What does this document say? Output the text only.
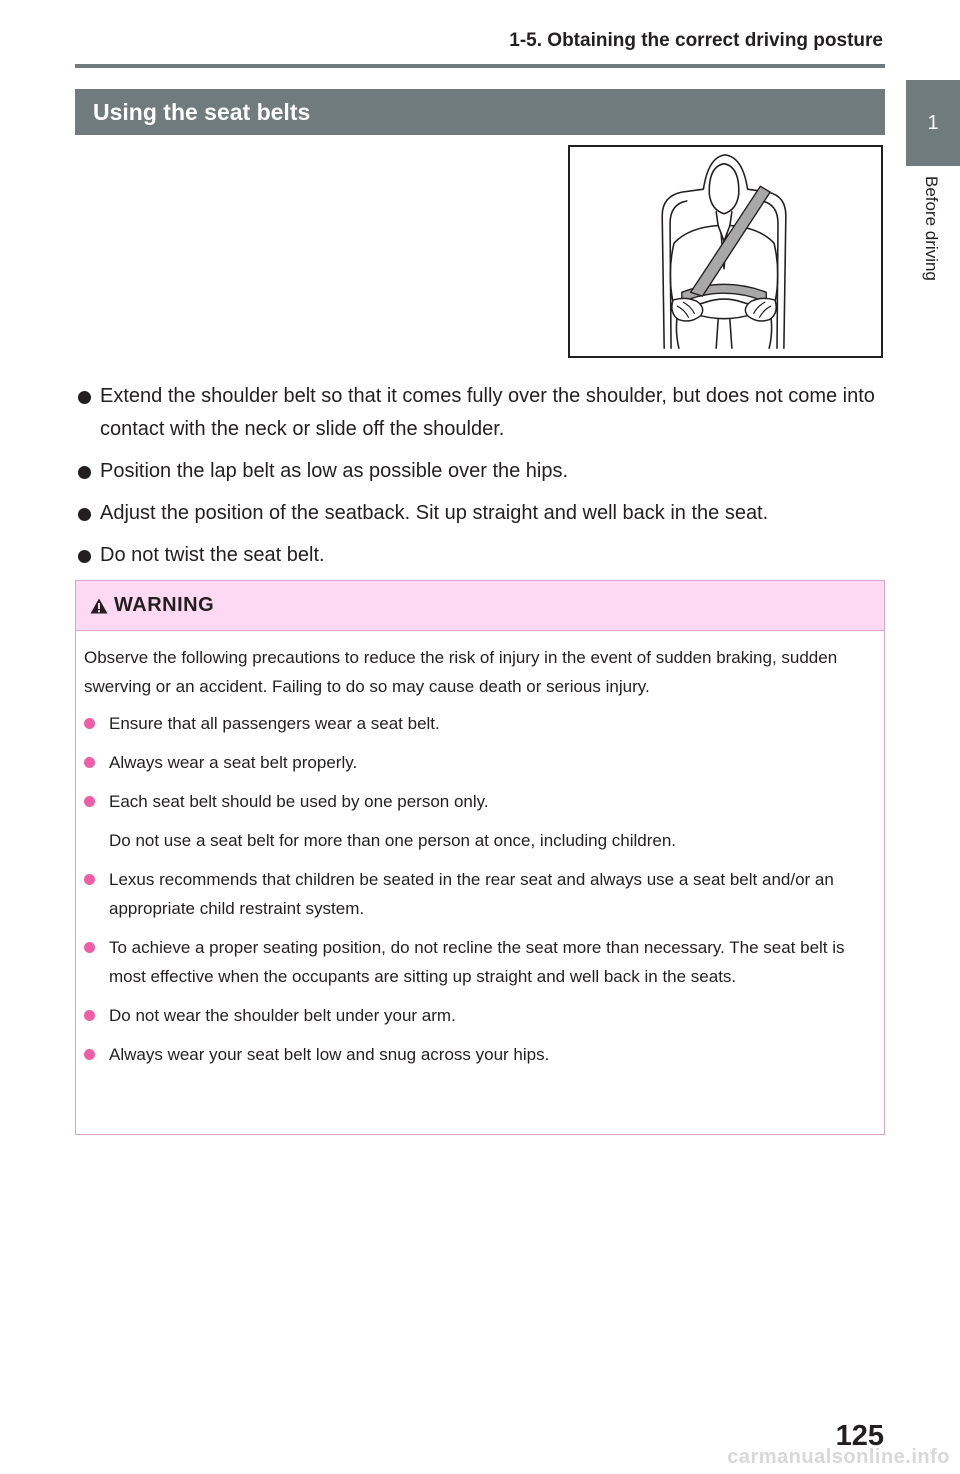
1-5. Obtaining the correct driving posture
1
Before driving
Using the seat belts
Extend the shoulder belt so that it comes fully over the shoulder, but does not come into contact with the neck or slide off the shoulder.
Position the lap belt as low as possible over the hips.
Adjust the position of the seatback. Sit up straight and well back in the seat.
Do not twist the seat belt.
WARNING

Observe the following precautions to reduce the risk of injury in the event of sudden braking, sudden swerving or an accident. Failing to do so may cause death or serious injury.

Ensure that all passengers wear a seat belt.
Always wear a seat belt properly.
Each seat belt should be used by one person only.
Do not use a seat belt for more than one person at once, including children.
Lexus recommends that children be seated in the rear seat and always use a seat belt and/or an appropriate child restraint system.
To achieve a proper seating position, do not recline the seat more than necessary. The seat belt is most effective when the occupants are sitting up straight and well back in the seats.
Do not wear the shoulder belt under your arm.
Always wear your seat belt low and snug across your hips.
125
carmanualsonline.info
